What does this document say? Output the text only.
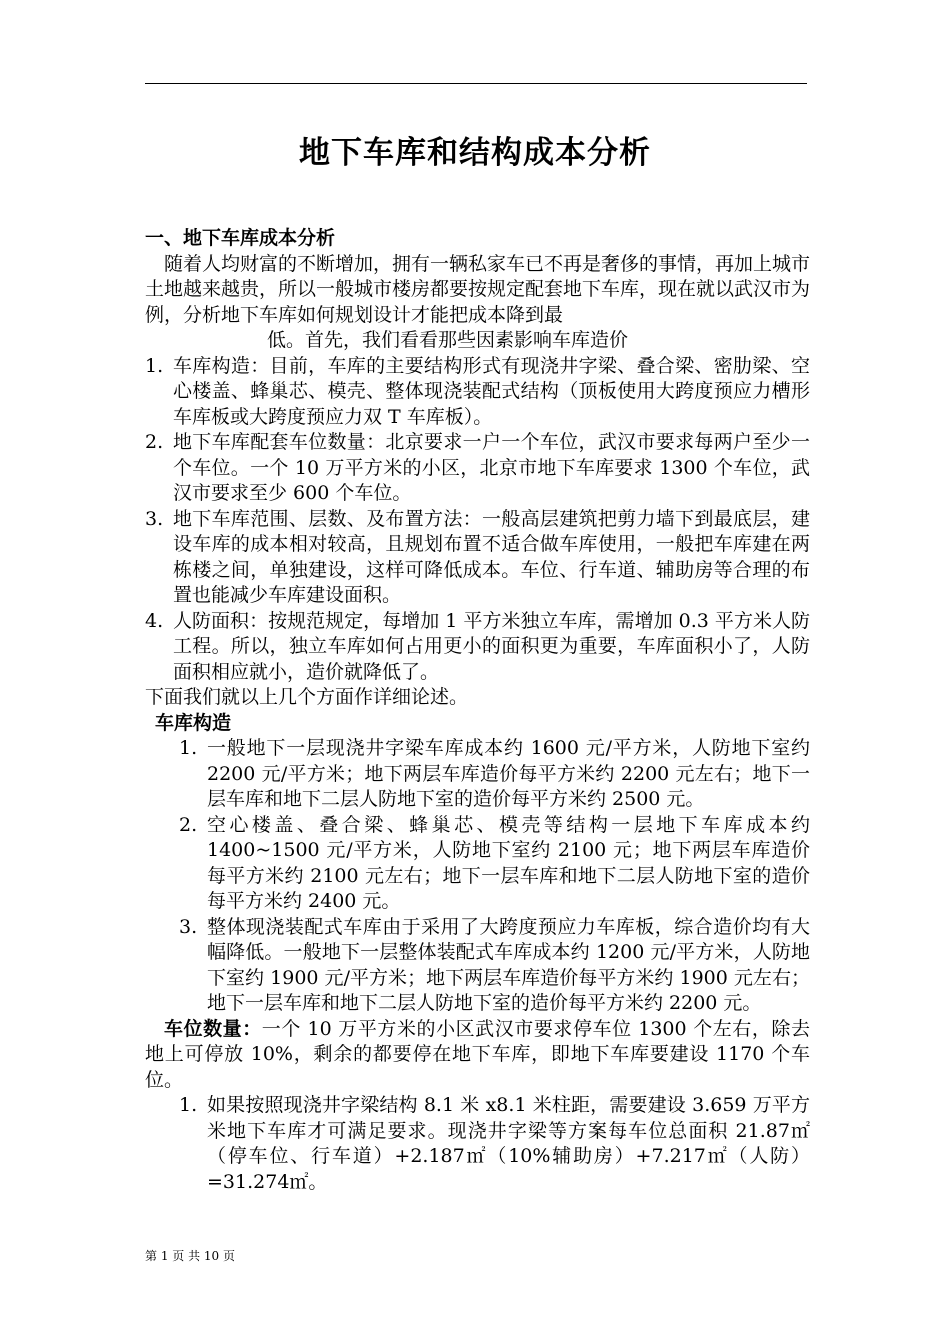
地下车库和结构成本分析

一、地下车库成本分析

随着人均财富的不断增加，拥有一辆私家车已不再是奢侈的事情，再加上城市土地越来越贵，所以一般城市楼房都要按规定配套地下车库，现在就以武汉市为例，分析地下车库如何规划设计才能把成本降到最

低。首先，我们看看那些因素影响车库造价

1. 车库构造：目前，车库的主要结构形式有现浇井字梁、叠合梁、密肋梁、空心楼盖、蜂巢芯、模壳、整体现浇装配式结构（顶板使用大跨度预应力槽形车库板或大跨度预应力双 T 车库板）。
2. 地下车库配套车位数量：北京要求一户一个车位，武汉市要求每两户至少一个车位。一个 10 万平方米的小区，北京市地下车库要求 1300 个车位，武汉市要求至少 600 个车位。
3. 地下车库范围、层数、及布置方法：一般高层建筑把剪力墙下到最底层，建设车库的成本相对较高，且规划布置不适合做车库使用，一般把车库建在两栋楼之间，单独建设，这样可降低成本。车位、行车道、辅助房等合理的布置也能减少车库建设面积。
4. 人防面积：按规范规定，每增加 1 平方米独立车库，需增加 0.3 平方米人防工程。所以，独立车库如何占用更小的面积更为重要，车库面积小了，人防面积相应就小，造价就降低了。

下面我们就以上几个方面作详细论述。

车库构造

1. 一般地下一层现浇井字梁车库成本约 1600 元/平方米，人防地下室约 2200 元/平方米；地下两层车库造价每平方米约 2200 元左右；地下一层车库和地下二层人防地下室的造价每平方米约 2500 元。
2. 空心楼盖、叠合梁、蜂巢芯、模壳等结构一层地下车库成本约 1400~1500 元/平方米，人防地下室约 2100 元；地下两层车库造价每平方米约 2100 元左右；地下一层车库和地下二层人防地下室的造价每平方米约 2400 元。
3. 整体现浇装配式车库由于采用了大跨度预应力车库板，综合造价均有大幅降低。一般地下一层整体装配式车库成本约 1200 元/平方米，人防地下室约 1900 元/平方米；地下两层车库造价每平方米约 1900 元左右；地下一层车库和地下二层人防地下室的造价每平方米约 2200 元。

车位数量：一个 10 万平方米的小区武汉市要求停车位 1300 个左右，除去地上可停放 10%，剩余的都要停在地下车库，即地下车库要建设 1170 个车位。

1. 如果按照现浇井字梁结构 8.1 米 x8.1 米柱距，需要建设 3.659 万平方米地下车库才可满足要求。现浇井字梁等方案每车位总面积 21.87㎡（停车位、行车道）+2.187㎡（10%辅助房）+7.217㎡（人防）=31.274㎡。
第 1 页 共 10 页
